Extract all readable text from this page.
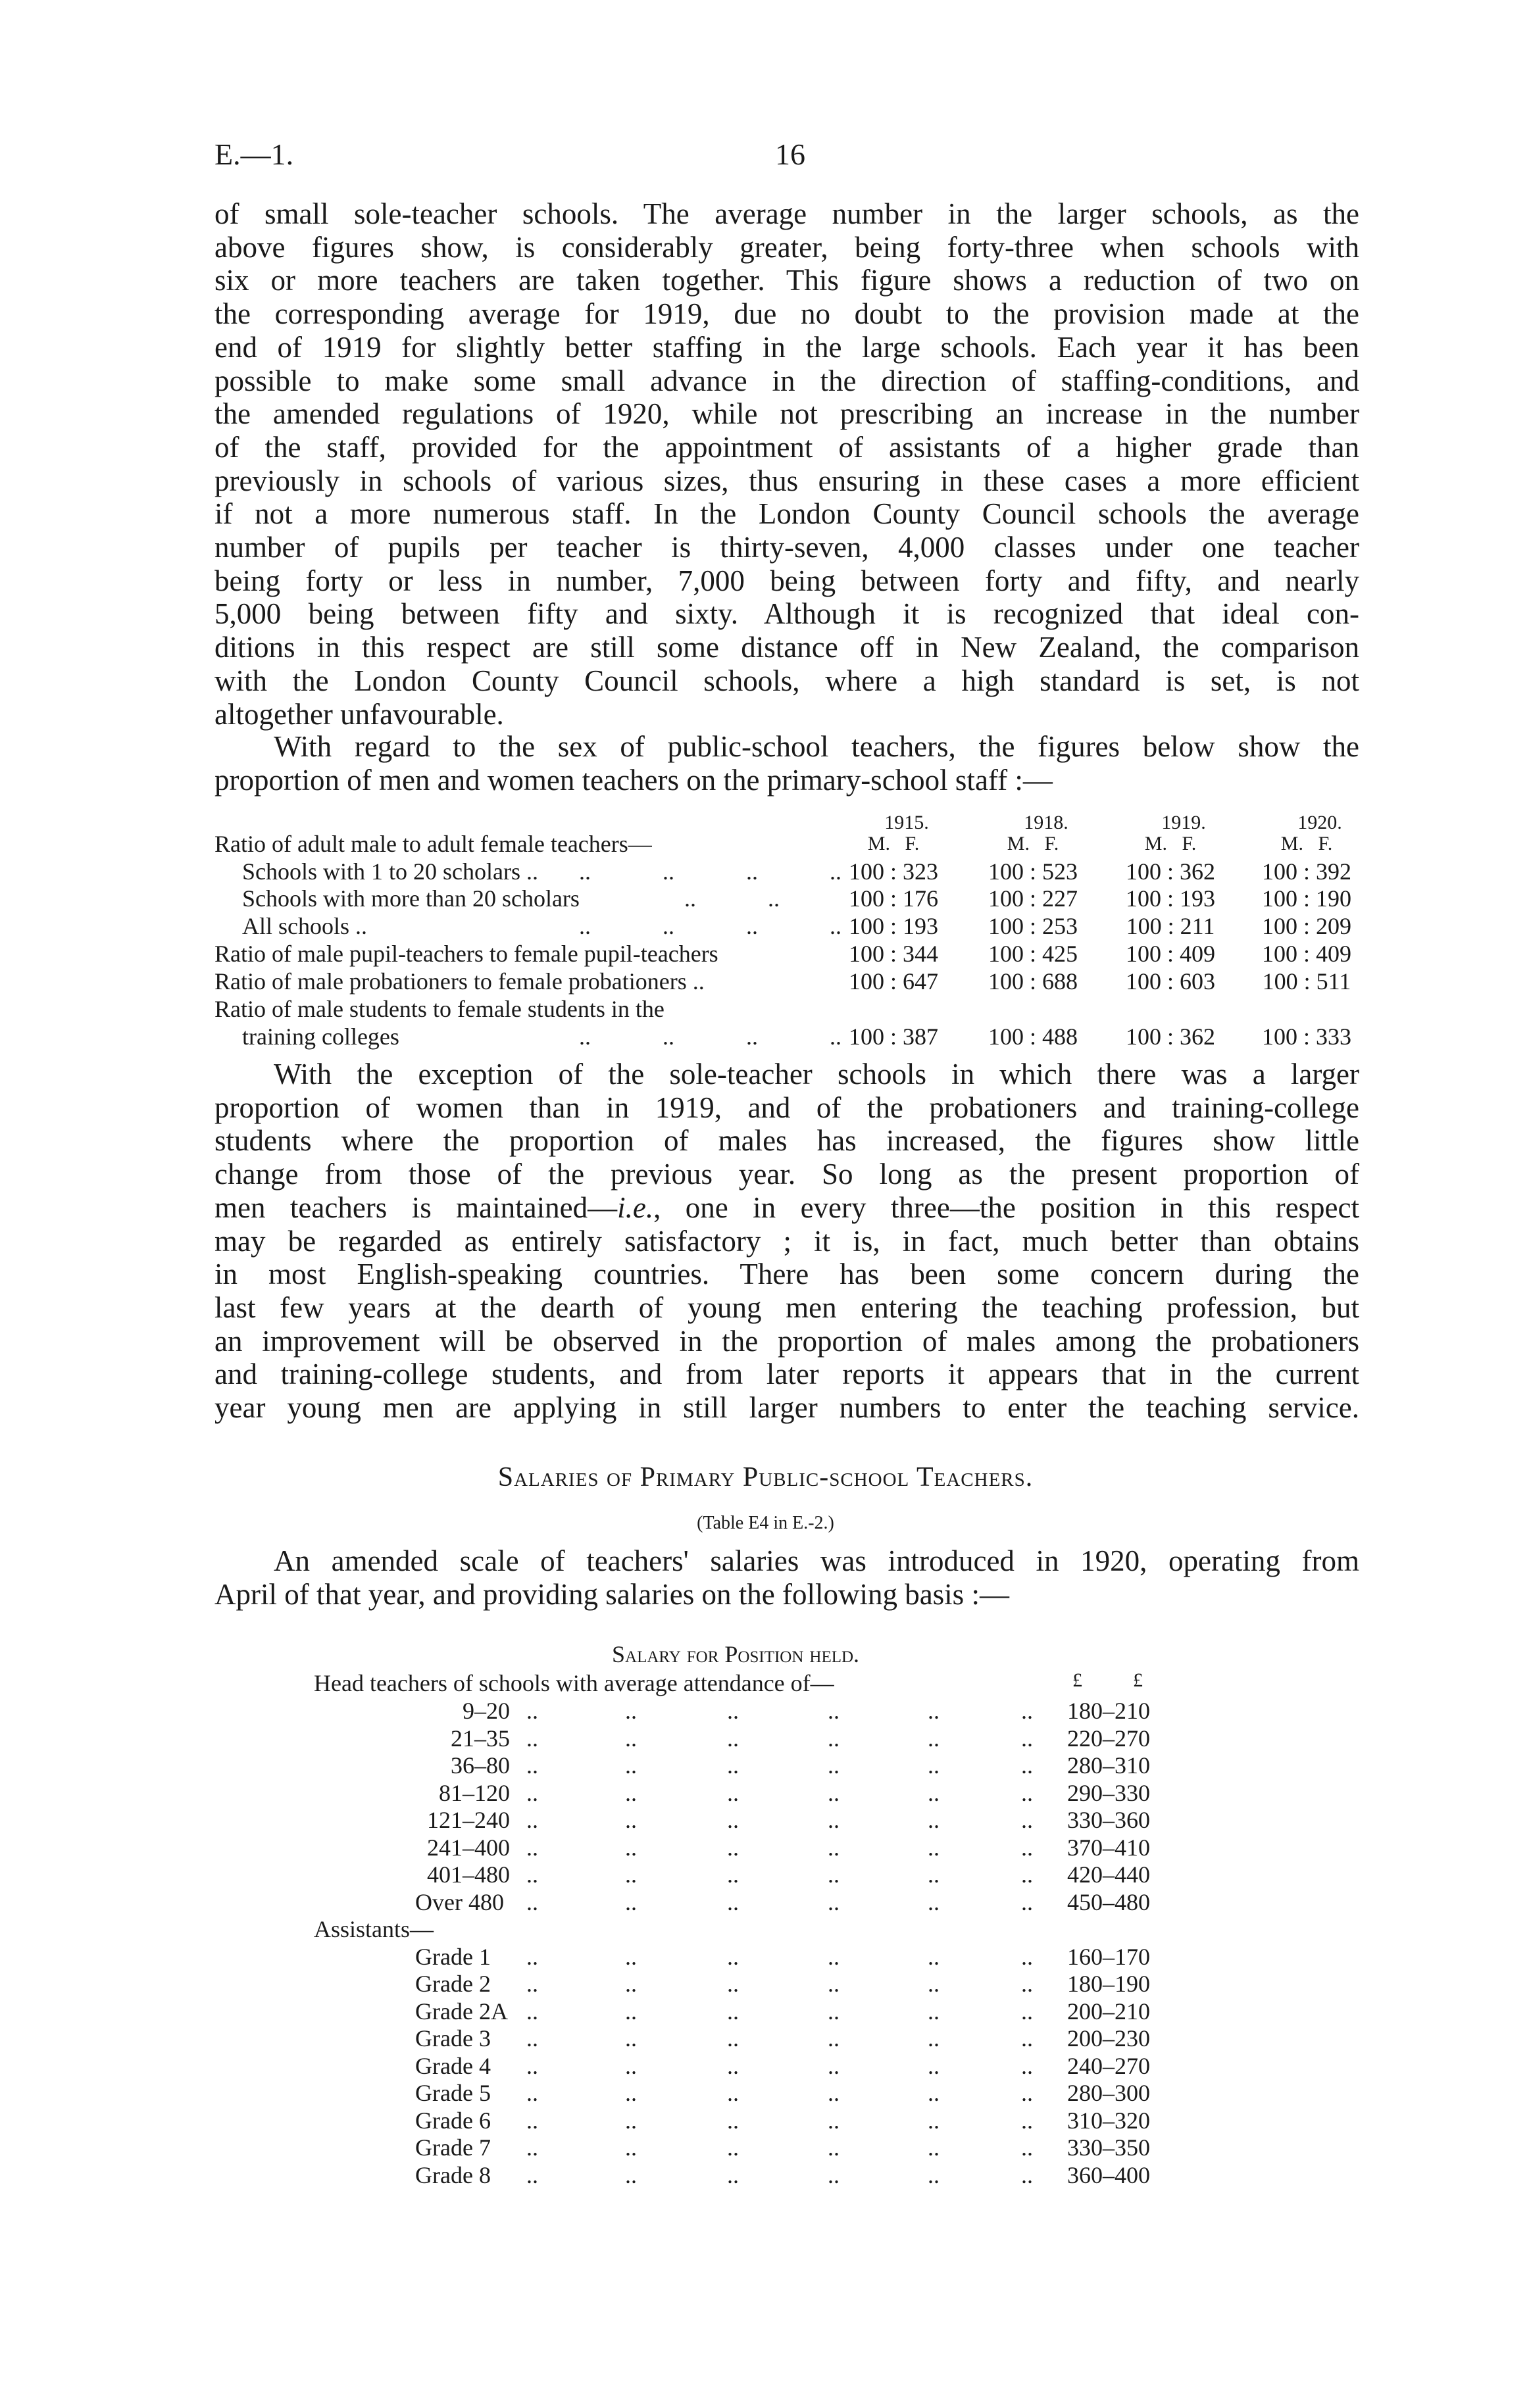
E.—1.	16
of small sole-teacher schools. The average number in the larger schools, as the
above figures show, is considerably greater, being forty-three when schools with
six or more teachers are taken together. This figure shows a reduction of two on
the corresponding average for 1919, due no doubt to the provision made at the
end of 1919 for slightly better staffing in the large schools. Each year it has been
possible to make some small advance in the direction of staffing-conditions, and
the amended regulations of 1920, while not prescribing an increase in the number
of the staff, provided for the appointment of assistants of a higher grade than
previously in schools of various sizes, thus ensuring in these cases a more efficient
if not a more numerous staff. In the London County Council schools the average
number of pupils per teacher is thirty-seven, 4,000 classes under one teacher
being forty or less in number, 7,000 being between forty and fifty, and nearly
5,000 being between fifty and sixty. Although it is recognized that ideal con-
ditions in this respect are still some distance off in New Zealand, the comparison
with the London County Council schools, where a high standard is set, is not
altogether unfavourable.
With regard to the sex of public-school teachers, the figures below show the
proportion of men and women teachers on the primary-school staff :—
1915.
M.   F.
1918.
M.   F.
1919.
M.   F.
1920.
M.   F.
Ratio of adult male to adult female teachers—
Schools with 1 to 20 scholars .. .. .. .. .. 100 : 323 100 : 523 100 : 362 100 : 392
Schools with more than 20 scholars	.. ..	100 : 176 100 : 227 100 : 193 100 : 190
All schools ..	.. .. .. .. 100 : 193 100 : 253 100 : 211 100 : 209
Ratio of male pupil-teachers to female pupil-teachers	100 : 344 100 : 425 100 : 409 100 : 409
Ratio of male probationers to female probationers ..	100 : 647 100 : 688 100 : 603 100 : 511
Ratio of male students to female students in the
training colleges	.. .. .. .. 100 : 387 100 : 488 100 : 362 100 : 333
With the exception of the sole-teacher schools in which there was a larger
proportion of women than in 1919, and of the probationers and training-college
students where the proportion of males has increased, the figures show little
change from those of the previous year. So long as the present proportion of
men teachers is maintained—i.e., one in every three—the position in this respect
may be regarded as entirely satisfactory ; it is, in fact, much better than obtains
in most English-speaking countries. There has been some concern during the
last few years at the dearth of young men entering the teaching profession, but
an improvement will be observed in the proportion of males among the probationers
and training-college students, and from later reports it appears that in the current
year young men are applying in still larger numbers to enter the teaching service.
Salaries of Primary Public-school Teachers.
(Table E4 in E.-2.)
An amended scale of teachers' salaries was introduced in 1920, operating from
April of that year, and providing salaries on the following basis :—
Salary for Position held.
Head teachers of schools with average attendance of—	£	£
9–20 ..	..	..	..	..	.. 180–210
21–35 ..	..	..	..	..	.. 220–270
36–80 ..	..	..	..	..	.. 280–310
81–120 ..	..	..	..	..	.. 290–330
121–240 ..	..	..	..	..	.. 330–360
241–400 ..	..	..	..	..	.. 370–410
401–480 ..	..	..	..	..	.. 420–440
Over 480 ..	..	..	..	..	.. 450–480
Assistants—
Grade 1 ..	..	..	..	..	.. 160–170
Grade 2 ..	..	..	..	..	.. 180–190
Grade 2A ..	..	..	..	..	.. 200–210
Grade 3 ..	..	..	..	..	.. 200–230
Grade 4 ..	..	..	..	..	.. 240–270
Grade 5 ..	..	..	..	..	.. 280–300
Grade 6 ..	..	..	..	..	.. 310–320
Grade 7 ..	..	..	..	..	.. 330–350
Grade 8 ..	..	..	..	..	.. 360–400
